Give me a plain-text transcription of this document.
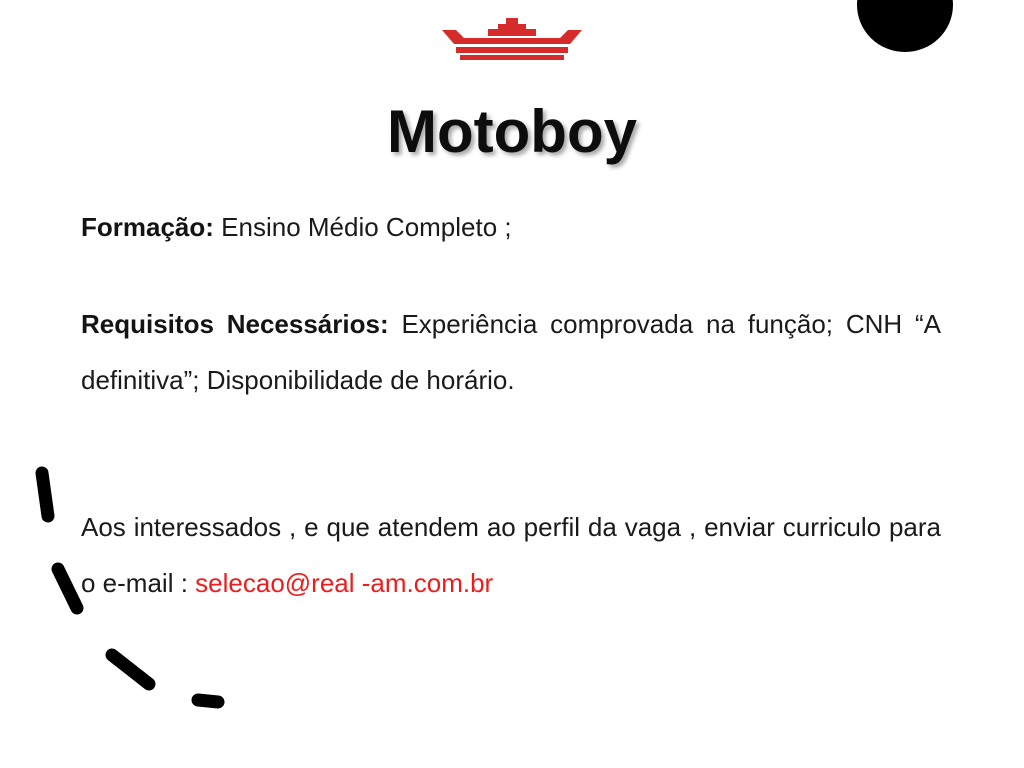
Motoboy

Formação: Ensino Médio Completo ;

Requisitos Necessários: Experiência comprovada na função; CNH “A definitiva”; Disponibilidade de horário.

Aos interessados , e que atendem ao perfil da vaga , enviar curriculo para o e-mail : selecao@real -am.com.br
